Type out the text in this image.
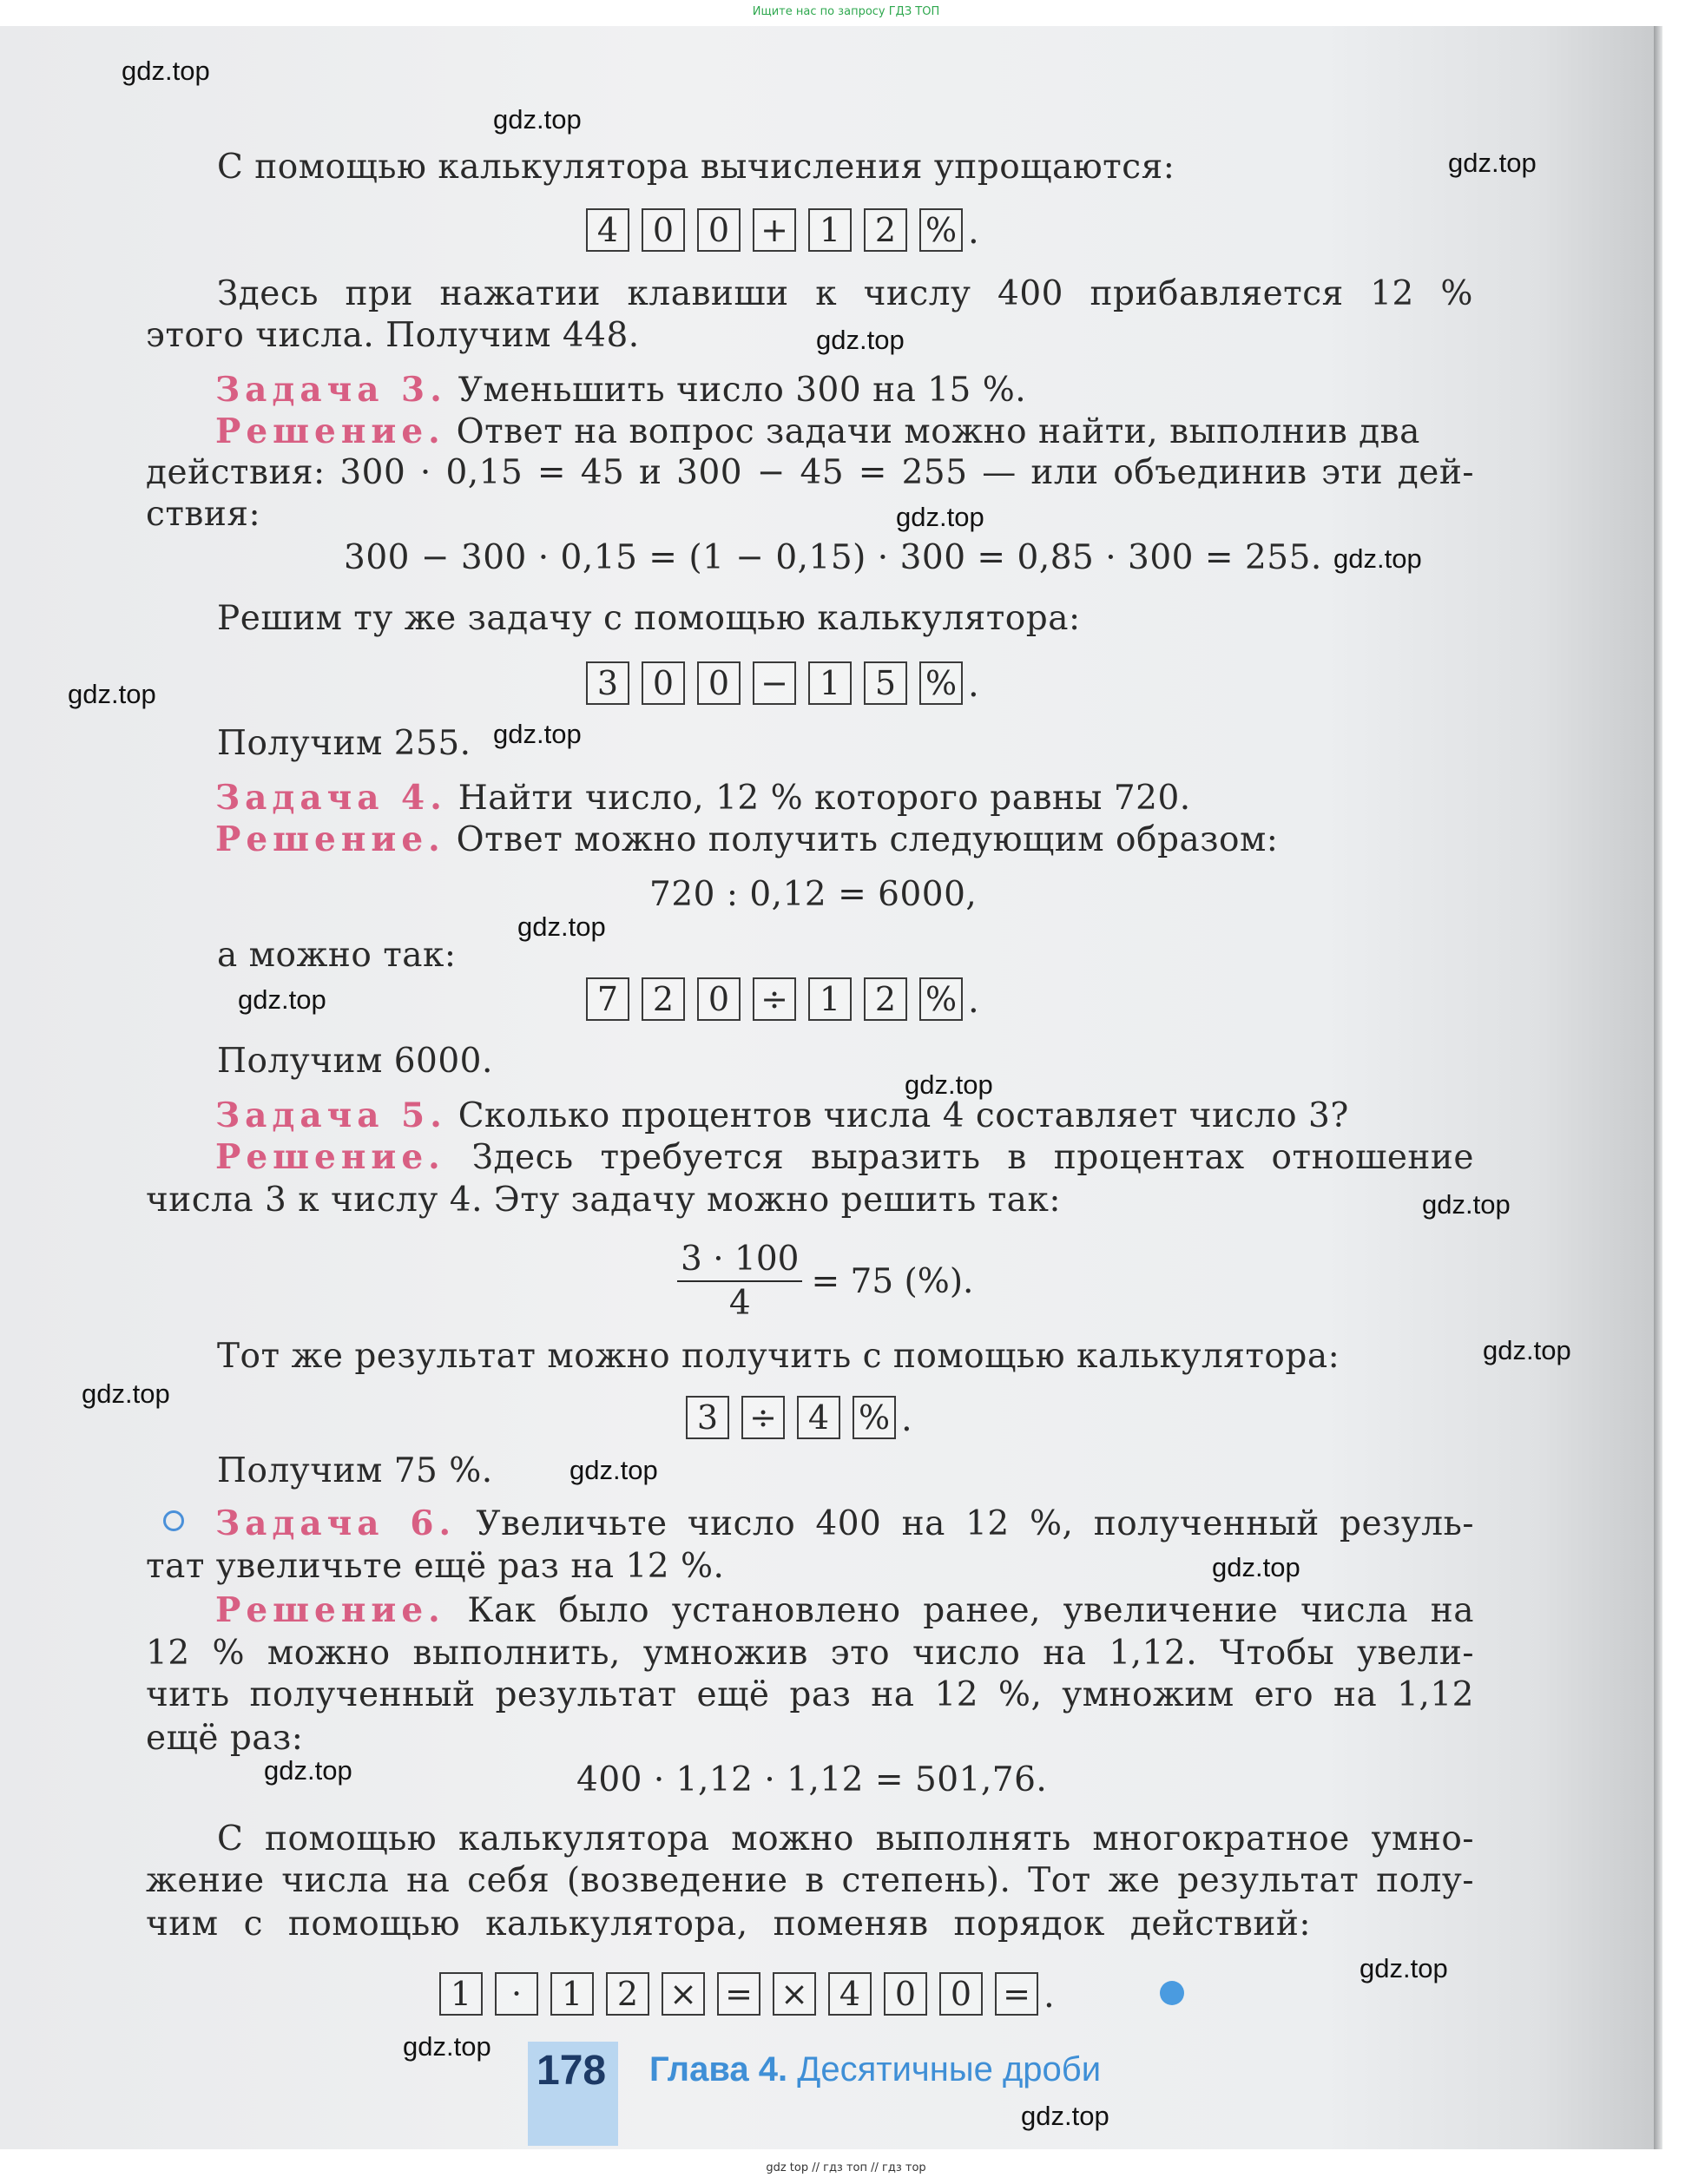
Ищите нас по запросу ГДЗ ТОП
С помощью калькулятора вычисления упрощаются:
4	0	0 + 1	2 % .
Здесь при нажатии клавиши к числу 400 прибавляется 12 %
этого числа. Получим 448.
Задача 3. Уменьшить число 300 на 15 %.
Решение. Ответ на вопрос задачи можно найти, выполнив два
действия: 300 · 0,15 = 45 и 300 − 45 = 255 — или объединив эти дей-
ствия:
300 − 300 · 0,15 = (1 − 0,15) · 300 = 0,85 · 300 = 255.
Решим ту же задачу с помощью калькулятора:
3	0	0 − 1	5 % .
Получим 255.
Задача 4. Найти число, 12 % которого равны 720.
Решение. Ответ можно получить следующим образом:
720 : 0,12 = 6000,
а можно так:
7	2	0 ÷ 1	2 % .
Получим 6000.
Задача 5. Сколько процентов числа 4 составляет число 3?
Решение. Здесь требуется выразить в процентах отношение
числа 3 к числу 4. Эту задачу можно решить так:
$\frac{3 \cdot 100}{4} = 75$ (%).
Тот же результат можно получить с помощью калькулятора:
3 ÷ 4 % .
Получим 75 %.
Задача 6. Увеличьте число 400 на 12 %, полученный резуль-
тат увеличьте ещё раз на 12 %.
Решение. Как было установлено ранее, увеличение числа на
12 % можно выполнить, умножив это число на 1,12. Чтобы увели-
чить полученный результат ещё раз на 12 %, умножим его на 1,12
ещё раз:
400 · 1,12 · 1,12 = 501,76.
С помощью калькулятора можно выполнять многократное умно-
жение числа на себя (возведение в степень). Тот же результат полу-
чим с помощью калькулятора, поменяв порядок действий:
1	·	1	2 × = × 4	0	0 = .
178 Глава 4. Десятичные дроби
gdz.top
gdz.top
gdz.top
gdz.top
gdz.top
gdz.top
gdz.top
gdz.top
gdz.top
gdz.top
gdz.top
gdz.top
gdz.top
gdz.top
gdz.top
gdz.top
gdz.top
gdz.top
gdz.top
gdz.top
gdz top // гдз топ // гдз тор
